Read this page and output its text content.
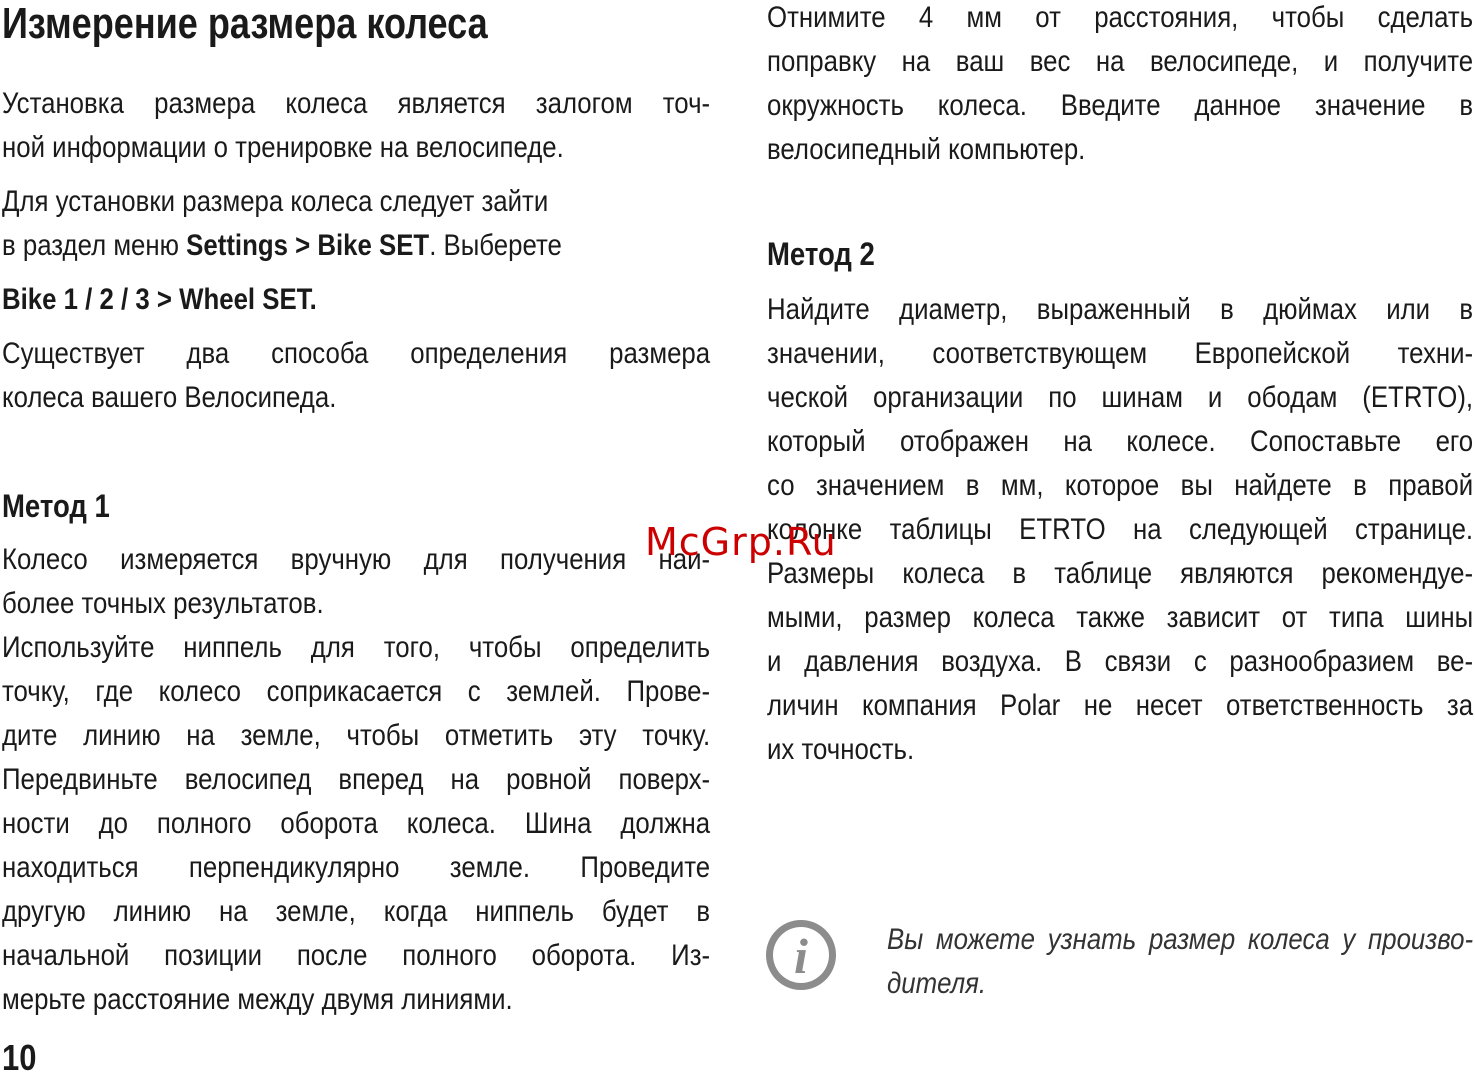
Измерение размера колеса
Установка размера колеса является залогом точ-
ной информации о тренировке на велосипеде.
Для установки размера колеса следует зайти
в раздел меню Settings > Bike SET. Выберете
Bike 1 / 2 / 3 > Wheel SET.
Существует два способа определения размера
колеса вашего Велосипеда.
Метод 1
Колесо измеряется вручную для получения наи-
более точных результатов.
Используйте ниппель для того, чтобы определить
точку, где колесо соприкасается с землей. Прове-
дите линию на земле, чтобы отметить эту точку.
Передвиньте велосипед вперед на ровной поверх-
ности до полного оборота колеса. Шина должна
находиться перпендикулярно земле. Проведите
другую линию на земле, когда ниппель будет в
начальной позиции после полного оборота. Из-
мерьте расстояние между двумя линиями.
Отнимите 4 мм от расстояния, чтобы сделать
поправку на ваш вес на велосипеде, и получите
окружность колеса. Введите данное значение в
велосипедный компьютер.
Метод 2
Найдите диаметр, выраженный в дюймах или в
значении, соответствующем Европейской техни-
ческой организации по шинам и ободам (ETRTO),
который отображен на колесе. Сопоставьте его
со значением в мм, которое вы найдете в правой
колонке таблицы ETRTO на следующей странице.
Размеры колеса в таблице являются рекомендуе-
мыми, размер колеса также зависит от типа шины
и давления воздуха. В связи с разнообразием ве-
личин компания Polar не несет ответственность за
их точность.
i	Вы можете узнать размер колеса у произво-
дителя.
McGrp.Ru

10
